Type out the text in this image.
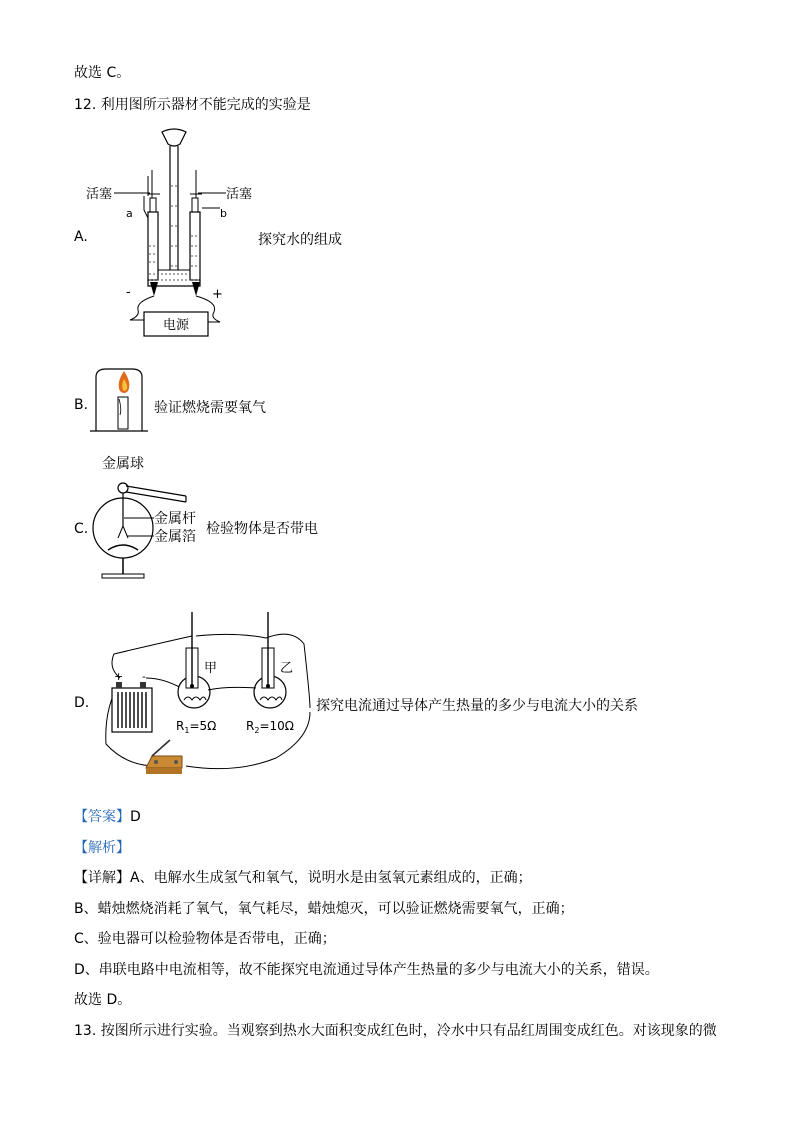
故选 C。
12. 利用图所示器材不能完成的实验是
A.
电源
活塞	活塞
a	b
-	+
探究水的组成
B.	验证燃烧需要氧气
C.
金属球
金属杆
金属箔 检验物体是否带电
D.
+ -
甲	乙
$R_1=5\Omega$ $R_2=10\Omega$
探究电流通过导体产生热量的多少与电流大小的关系
【答案】D
【解析】
【详解】A、电解水生成氢气和氧气，说明水是由氢氧元素组成的，正确；
B、蜡烛燃烧消耗了氧气，氧气耗尽，蜡烛熄灭，可以验证燃烧需要氧气，正确；
C、验电器可以检验物体是否带电，正确；
D、串联电路中电流相等，故不能探究电流通过导体产生热量的多少与电流大小的关系，错误。
故选 D。
13. 按图所示进行实验。当观察到热水大面积变成红色时，冷水中只有品红周围变成红色。对该现象的微
